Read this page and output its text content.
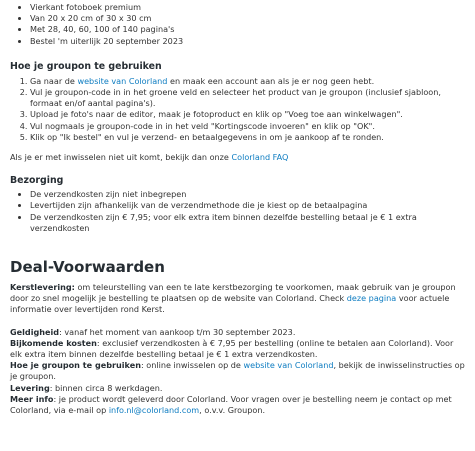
• Vierkant fotoboek premium
• Van 20 x 20 cm of 30 x 30 cm
• Met 28, 40, 60, 100 of 140 pagina's
• Bestel 'm uiterlijk 20 september 2023
Hoe je groupon te gebruiken
1. Ga naar de website van Colorland en maak een account aan als je er nog geen hebt.
2. Vul je groupon-code in in het groene veld en selecteer het product van je groupon (inclusief sjabloon, formaat en/of aantal pagina's).
3. Upload je foto's naar de editor, maak je fotoproduct en klik op "Voeg toe aan winkelwagen".
4. Vul nogmaals je groupon-code in in het veld "Kortingscode invoeren" en klik op "OK".
5. Klik op "Ik bestel" en vul je verzend- en betaalgegevens in om je aankoop af te ronden.

Als je er met inwisselen niet uit komt, bekijk dan onze Colorland FAQ

Bezorging
• De verzendkosten zijn niet inbegrepen
• Levertijden zijn afhankelijk van de verzendmethode die je kiest op de betaalpagina
• De verzendkosten zijn € 7,95; voor elk extra item binnen dezelfde bestelling betaal je € 1 extra verzendkosten
Deal-Voorwaarden

Kerstlevering: om teleurstelling van een te late kerstbezorging te voorkomen, maak gebruik van je groupon door zo snel mogelijk je bestelling te plaatsen op de website van Colorland. Check deze pagina voor actuele informatie over levertijden rond Kerst.

Geldigheid: vanaf het moment van aankoop t/m 30 september 2023.

Bijkomende kosten: exclusief verzendkosten à € 7,95 per bestelling (online te betalen aan Colorland). Voor elk extra item binnen dezelfde bestelling betaal je € 1 extra verzendkosten.

Hoe je groupon te gebruiken: online inwisselen op de website van Colorland, bekijk de inwisselinstructies op je groupon.

Levering: binnen circa 8 werkdagen.

Meer info: je product wordt geleverd door Colorland. Voor vragen over je bestelling neem je contact op met Colorland, via e-mail op info.nl@colorland.com, o.v.v. Groupon.
